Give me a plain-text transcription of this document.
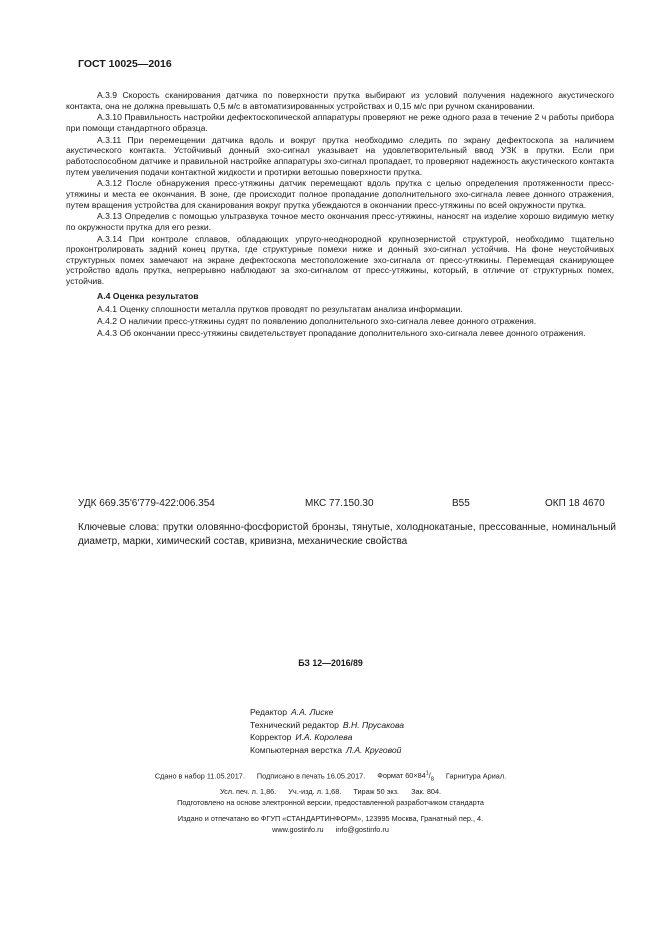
ГОСТ 10025—2016

А.3.9 Скорость сканирования датчика по поверхности прутка выбирают из условий получения надежного акустического контакта, она не должна превышать 0,5 м/с в автоматизированных устройствах и 0,15 м/с при ручном сканировании.

А.3.10 Правильность настройки дефектоскопической аппаратуры проверяют не реже одного раза в течение 2 ч работы прибора при помощи стандартного образца.

А.3.11 При перемещении датчика вдоль и вокруг прутка необходимо следить по экрану дефектоскопа за наличием акустического контакта. Устойчивый донный эхо-сигнал указывает на удовлетворительный ввод УЗК в прутки. Если при работоспособном датчике и правильной настройке аппаратуры эхо-сигнал пропадает, то проверяют надежность акустического контакта путем увеличения подачи контактной жидкости и протирки ветошью поверхности прутка.

А.3.12 После обнаружения пресс-утяжины датчик перемещают вдоль прутка с целью определения протяженности пресс-утяжины и места ее окончания. В зоне, где происходит полное пропадание дополнительного эхо-сигнала левее донного отражения, путем вращения устройства для сканирования вокруг прутка убеждаются в окончании пресс-утяжины по всей окружности прутка.

А.3.13 Определив с помощью ультразвука точное место окончания пресс-утяжины, наносят на изделие хорошо видимую метку по окружности прутка для его резки.

А.3.14 При контроле сплавов, обладающих упруго-неоднородной крупнозернистой структурой, необходимо тщательно проконтролировать задний конец прутка, где структурные помехи ниже и донный эхо-сигнал устойчив. На фоне неустойчивых структурных помех замечают на экране дефектоскопа местоположение эхо-сигнала от пресс-утяжины. Перемещая сканирующее устройство вдоль прутка, непрерывно наблюдают за эхо-сигналом от пресс-утяжины, который, в отличие от структурных помех, устойчив.

А.4 Оценка результатов

А.4.1 Оценку сплошности металла прутков проводят по результатам анализа информации.

А.4.2 О наличии пресс-утяжины судят по появлению дополнительного эхо-сигнала левее донного отражения.

А.4.3 Об окончании пресс-утяжины свидетельствует пропадание дополнительного эхо-сигнала левее донного отражения.

УДК 669.35'6'779-422:006.354	МКС 77.150.30	В55	ОКП 18 4670
Ключевые слова: прутки оловянно-фосфористой бронзы, тянутые, холоднокатаные, прессованные, номинальный диаметр, марки, химический состав, кривизна, механические свойства
БЗ 12—2016/89
Редактор А.А. Лиске
Технический редактор В.Н. Прусакова
Корректор И.А. Королева
Компьютерная верстка Л.А. Круговой
Сдано в набор 11.05.2017. Подписано в печать 16.05.2017. Формат $60\times 84^1/_8$ Гарнитура Ариал.
Усл. печ. л. 1,86. Уч.-изд. л. 1,68. Тираж 50 экз. Зак. 804.
Подготовлено на основе электронной версии, предоставленной разработчиком стандарта
Издано и отпечатано во ФГУП «СТАНДАРТИНФОРМ», 123995 Москва, Гранатный пер., 4.
www.gostinfo.ru info@gostinfo.ru
